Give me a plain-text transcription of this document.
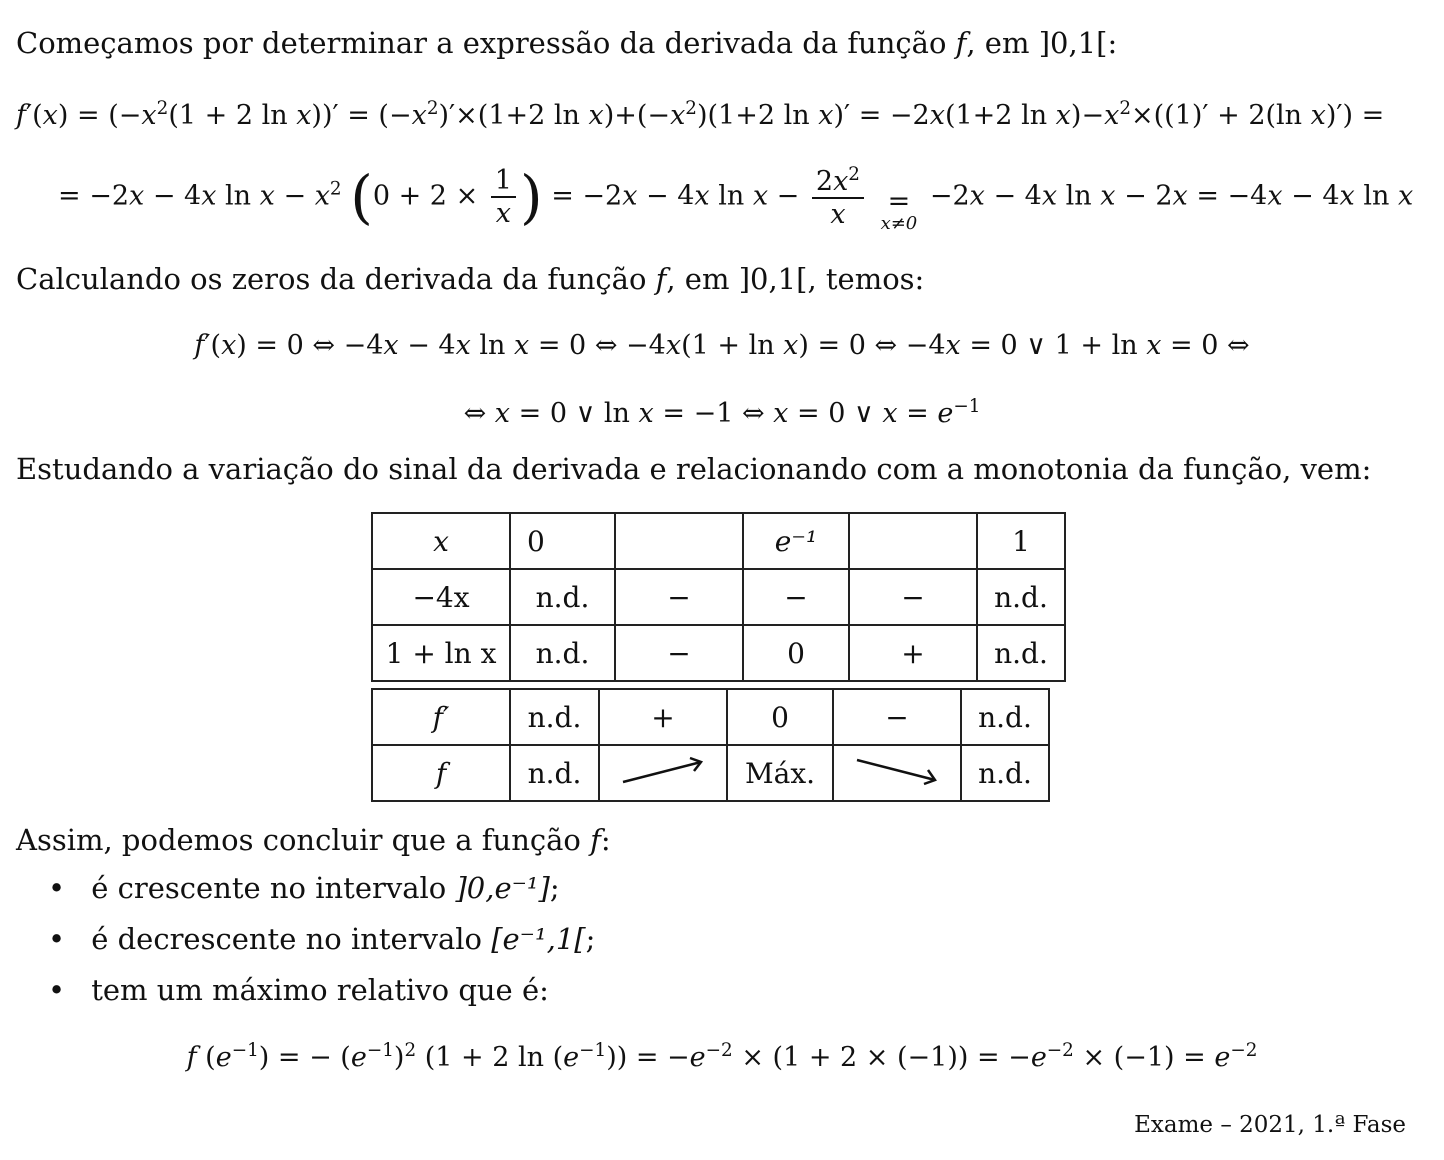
Começamos por determinar a expressão da derivada da função f, em ]0,1[:
$f'(x) = (-x^2(1 + 2$ $\ln x))' = (-x^2)'\times(1+2$ $\ln x)+(-x^2)(1+2$ ln x)′ = −2x(1+2 $\ln x)-x^2\times((1)' + 2(\ln$ x)′) =
= −2x − 4x $\ln x - x^2$ ($0 + 2 \times \frac{1}{x}$ ) = −2x − 4x $\ln x - \frac{2x^2}{x}$ =
x≠0
−2x − 4x ln x − 2x = −4x − 4x ln x
Calculando os zeros da derivada da função f, em ]0,1[, temos:
f′(x) = 0 ⇔ −4x − 4x ln x = 0 ⇔ −4x(1 + ln x) = 0 ⇔ −4x = 0 ∨ 1 + ln x = 0 ⇔
⇔ x = 0 ∨ ln x = −1 ⇔ x = 0 ∨ $x = e^{-1}$
Estudando a variação do sinal da derivada e relacionando com a monotonia da função, vem:
x	0		e⁻¹		1
−4x	n.d.	−	−	−	n.d.
1 + ln x	n.d.	−	0	+	n.d.
f′	n.d.	+	0	−	n.d.
f	n.d.		Máx.		n.d.
Assim, podemos concluir que a função f:
• é crescente no intervalo ]0,e⁻¹];
• é decrescente no intervalo [e⁻¹,1[;
• tem um máximo relativo que é:
f $(e^{-1})$ = − $(e^{-1})^2$ (1 + 2 $\ln (e^{-1})) = -e^{-2} \times (1 + 2 \times (-1)) = -e^{-2} \times (-1) = e^{-2}$
Exame – 2021, 1.ª Fase
